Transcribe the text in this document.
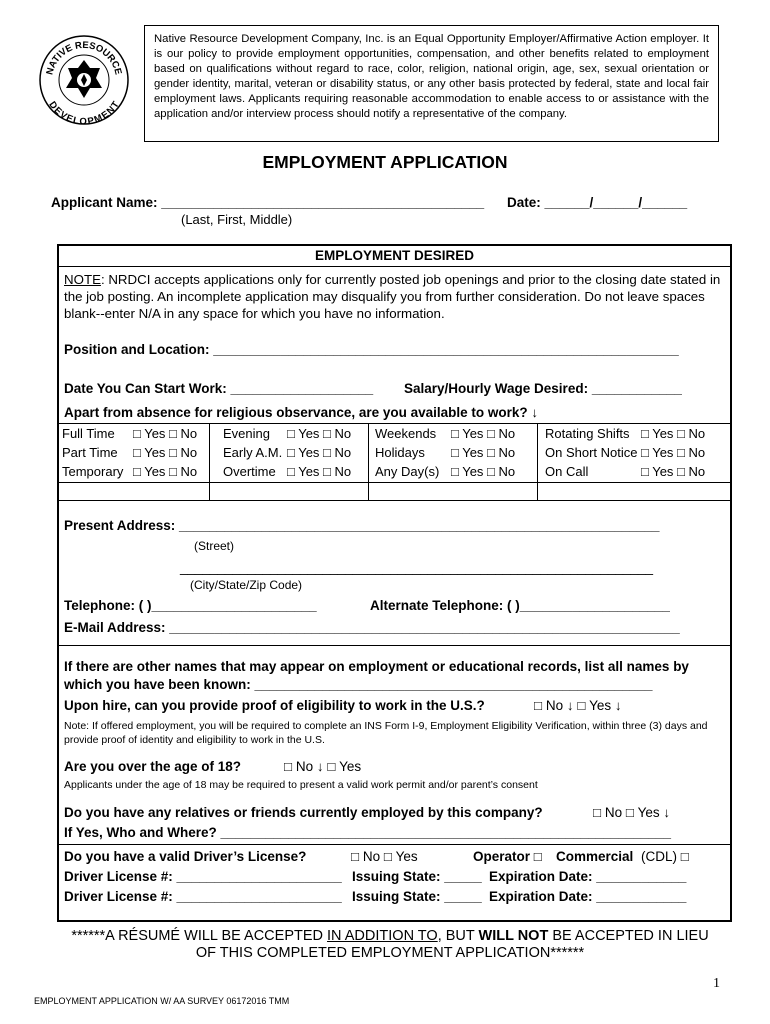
NATIVE RESOURCE
DEVELOPMENT
Native Resource Development Company, Inc. is an Equal Opportunity Employer/Affirmative Action employer. It is our policy to provide employment opportunities, compensation, and other benefits related to employment based on qualifications without regard to race, color, religion, national origin, age, sex, sexual orientation or gender identity, marital, veteran or disability status, or any other basis protected by federal, state and local fair employment laws. Applicants requiring reasonable accommodation to enable access to or assistance with the application and/or interview process should notify a representative of the company.
EMPLOYMENT APPLICATION
Applicant Name: ___________________________________________ Date: ______/______/______
(Last, First, Middle)
EMPLOYMENT DESIRED
NOTE: NRDCI accepts applications only for currently posted job openings and prior to the closing date stated in the job posting. An incomplete application may disqualify you from further consideration. Do not leave spaces blank--enter N/A in any space for which you have no information.
Position and Location: ______________________________________________________________
Date You Can Start Work: ___________________ Salary/Hourly Wage Desired: ____________
Apart from absence for religious observance, are you available to work? ↓
Full Time □ Yes □ No Evening □ Yes □ No Weekends □ Yes □ No Rotating Shifts □ Yes □ No
Part Time □ Yes □ No Early A.M. □ Yes □ No Holidays □ Yes □ No On Short Notice □ Yes □ No
Temporary □ Yes □ No Overtime □ Yes □ No Any Day(s) □ Yes □ No On Call	□ Yes □ No
Present Address: ________________________________________________________________
(Street)
_______________________________________________________________
(City/State/Zip Code)
Telephone: ( )______________________	Alternate Telephone: ( )____________________
E-Mail Address: ____________________________________________________________________
If there are other names that may appear on employment or educational records, list all names by
which you have been known: _____________________________________________________
Upon hire, can you provide proof of eligibility to work in the U.S.?	□ No ↓ □ Yes ↓
Note: If offered employment, you will be required to complete an INS Form I-9, Employment Eligibility Verification, within three (3) days and provide proof of identity and eligibility to work in the U.S.
Are you over the age of 18?	□ No ↓ □ Yes
Applicants under the age of 18 may be required to present a valid work permit and/or parent’s consent
Do you have any relatives or friends currently employed by this company?	□ No □ Yes ↓
If Yes, Who and Where? ____________________________________________________________
Do you have a valid Driver’s License?	□ No □ Yes	Operator □ Commercial (CDL) □
Driver License #: ______________________ Issuing State: _____ Expiration Date: ____________
Driver License #: ______________________ Issuing State: _____ Expiration Date: ____________
******A RÉSUMÉ WILL BE ACCEPTED IN ADDITION TO, BUT WILL NOT BE ACCEPTED IN LIEU
OF THIS COMPLETED EMPLOYMENT APPLICATION******
1
EMPLOYMENT APPLICATION W/ AA SURVEY 06172016 TMM
